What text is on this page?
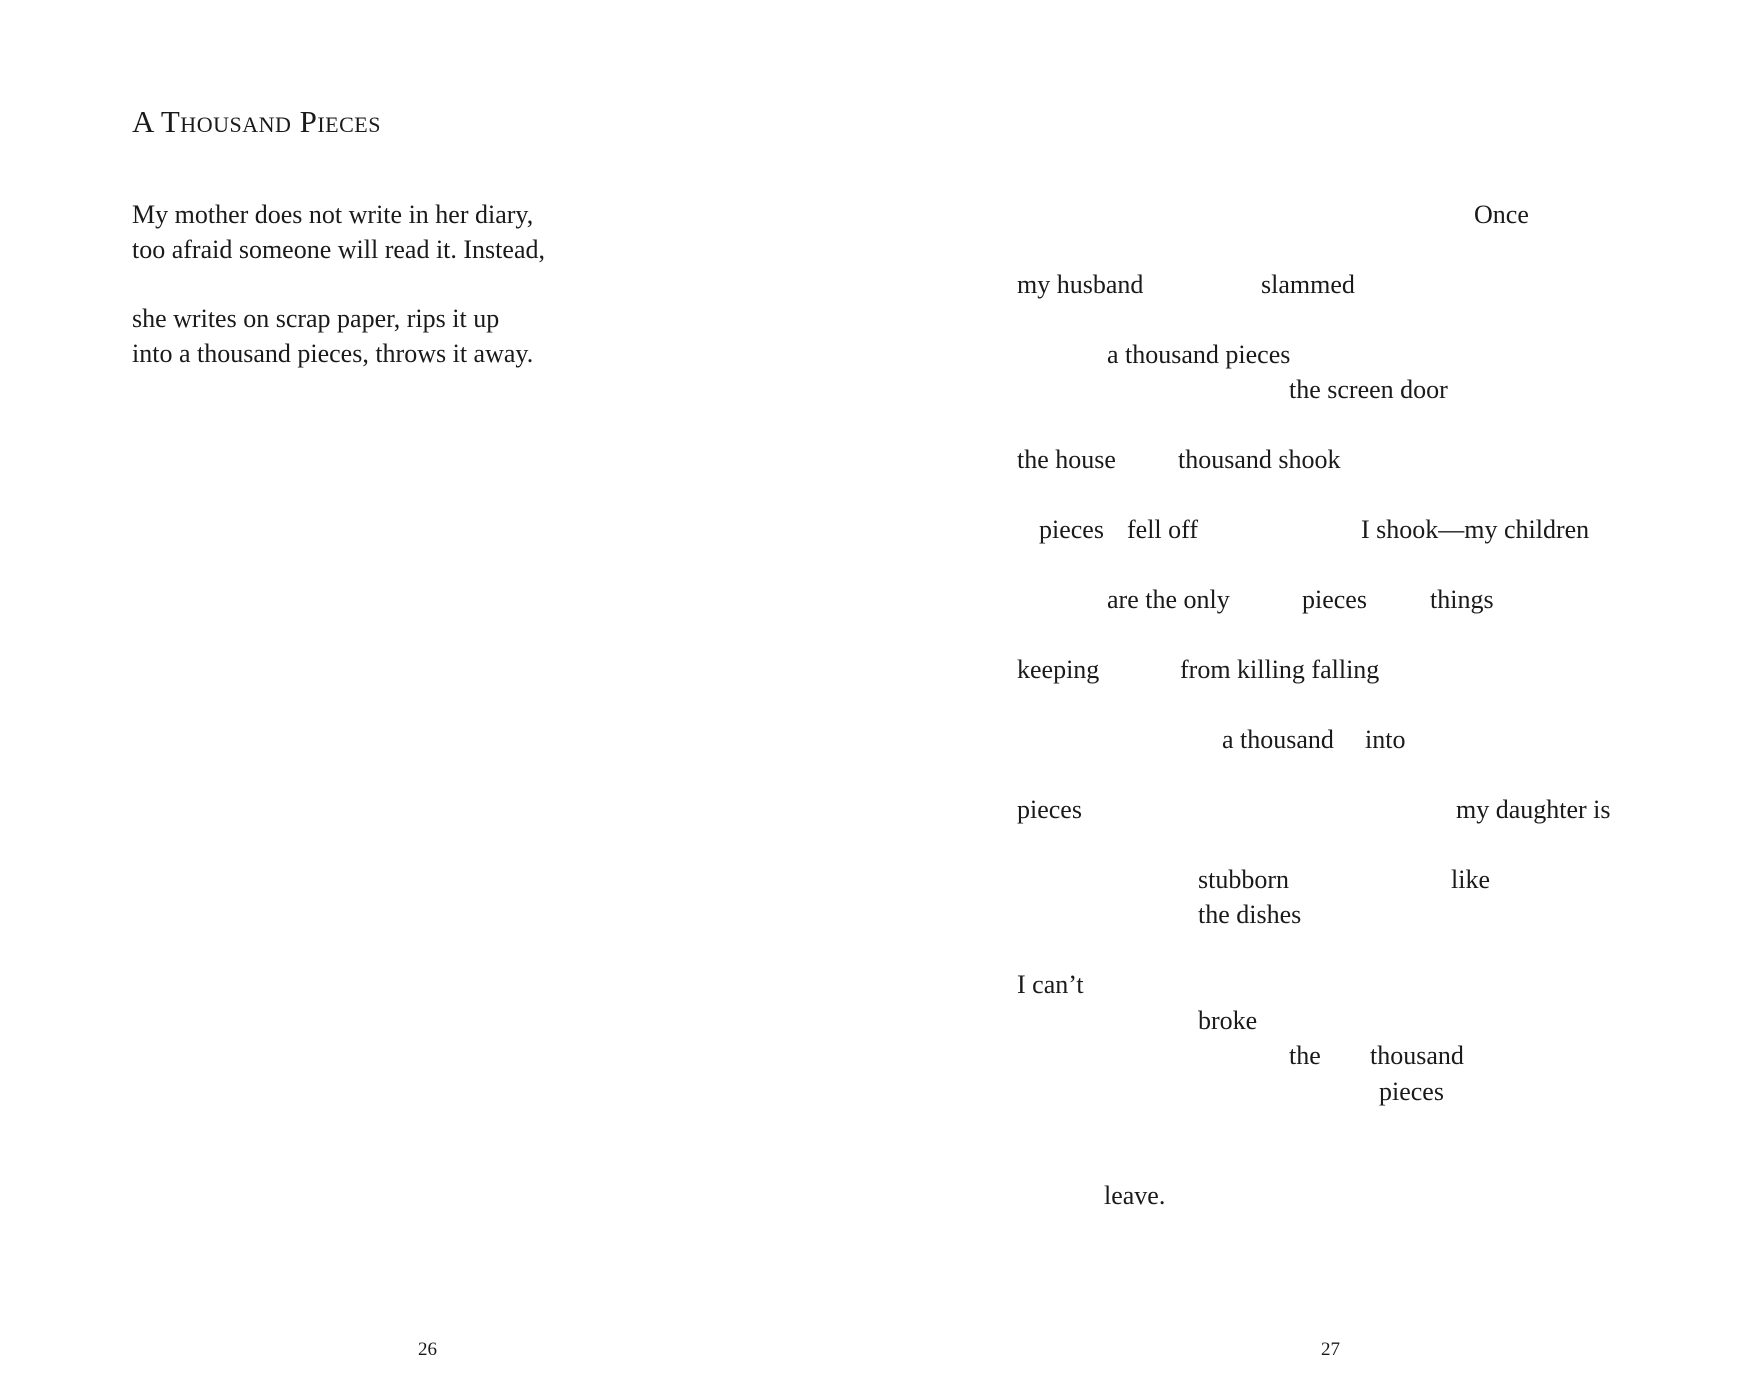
A Thousand Pieces
My mother does not write in her diary,
too afraid someone will read it. Instead,
she writes on scrap paper, rips it up
into a thousand pieces, throws it away.
26
Once
my husband	slammed
a thousand pieces
the screen door
the house thousand shook
pieces fell off	I shook—my children
are the only	pieces things
keeping	from killing falling
a thousand into
pieces	my daughter is
stubborn	like
the dishes
I can’t
broke
the thousand
pieces
leave.
27
